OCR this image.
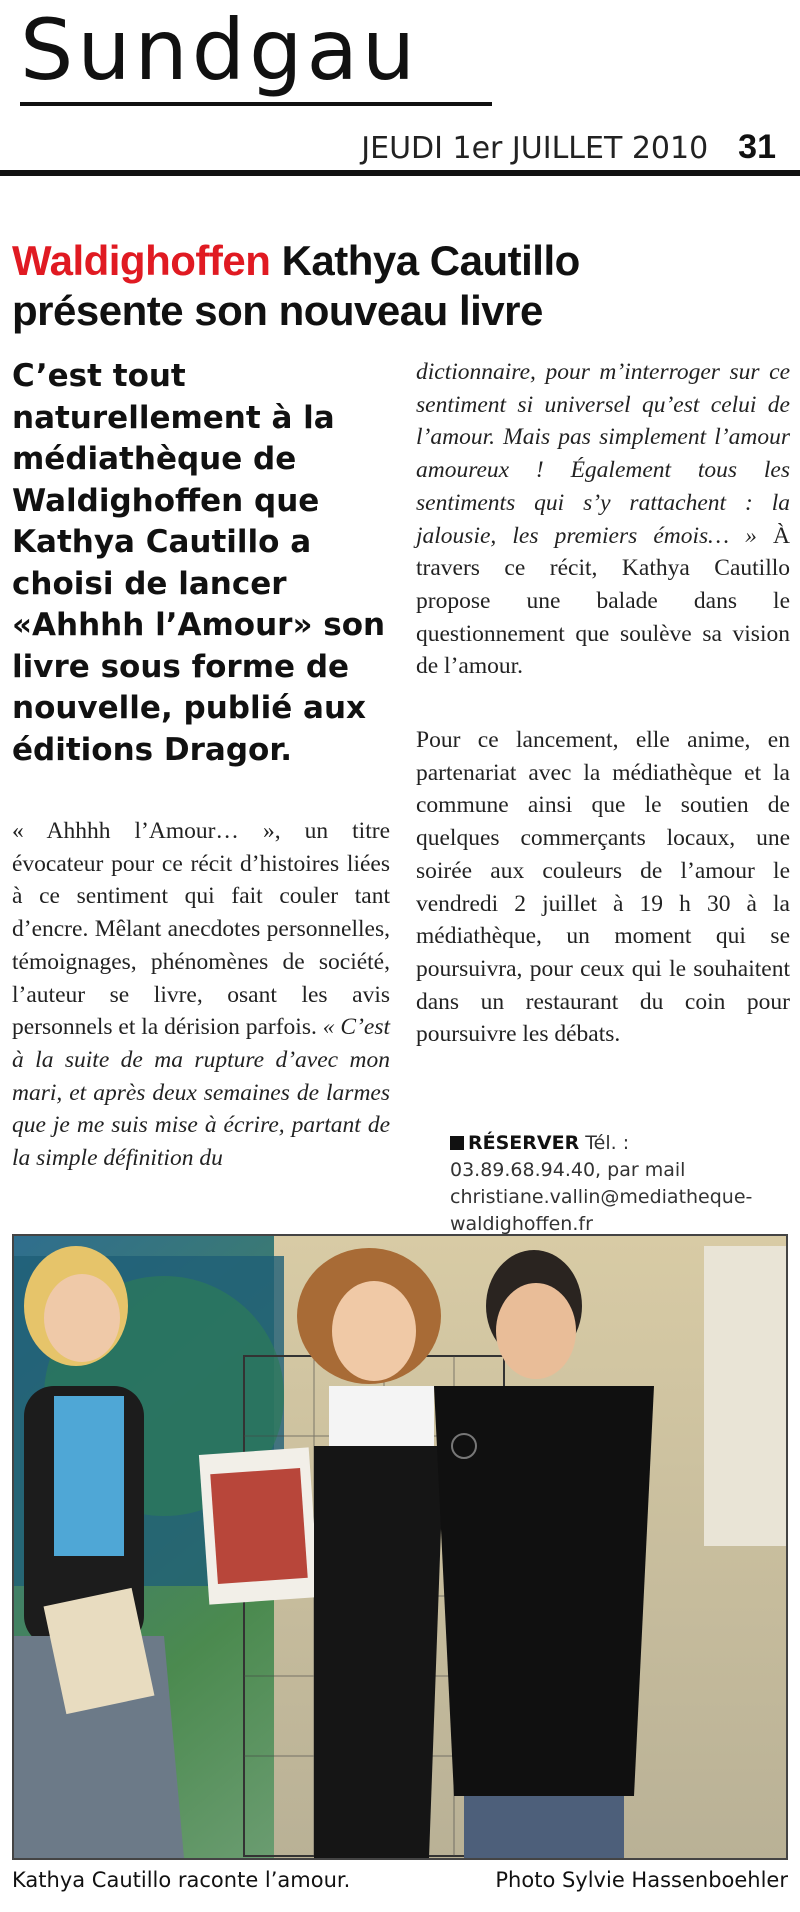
Sundgau
JEUDI 1er JUILLET 2010 31
Waldighoffen Kathya Cautillo
présente son nouveau livre

C’est tout naturellement à la médiathèque de Waldighoffen que Kathya Cautillo a choisi de lancer «Ahhhh l’Amour» son livre sous forme de nouvelle, publié aux éditions Dragor.

« Ahhhh l’Amour… », un titre évocateur pour ce récit d’histoires liées à ce sentiment qui fait couler tant d’encre. Mêlant anecdotes personnelles, témoignages, phénomènes de société, l’auteur se livre, osant les avis personnels et la dérision parfois. « C’est à la suite de ma rupture d’avec mon mari, et après deux semaines de larmes que je me suis mise à écrire, partant de la simple définition du

dictionnaire, pour m’interroger sur ce sentiment si universel qu’est celui de l’amour. Mais pas simplement l’amour amoureux ! Également tous les sentiments qui s’y rattachent : la jalousie, les premiers émois… » À travers ce récit, Kathya Cautillo propose une balade dans le questionnement que soulève sa vision de l’amour.

Pour ce lancement, elle anime, en partenariat avec la médiathèque et la commune ainsi que le soutien de quelques commerçants locaux, une soirée aux couleurs de l’amour le vendredi 2 juillet à 19 h 30 à la médiathèque, un moment qui se poursuivra, pour ceux qui le souhaitent dans un restaurant du coin pour poursuivre les débats.

RÉSERVER Tél. : 03.89.68.94.40, par mail christiane.vallin@mediatheque-waldighoffen.fr
Kathya Cautillo raconte l’amour.	Photo Sylvie Hassenboehler
